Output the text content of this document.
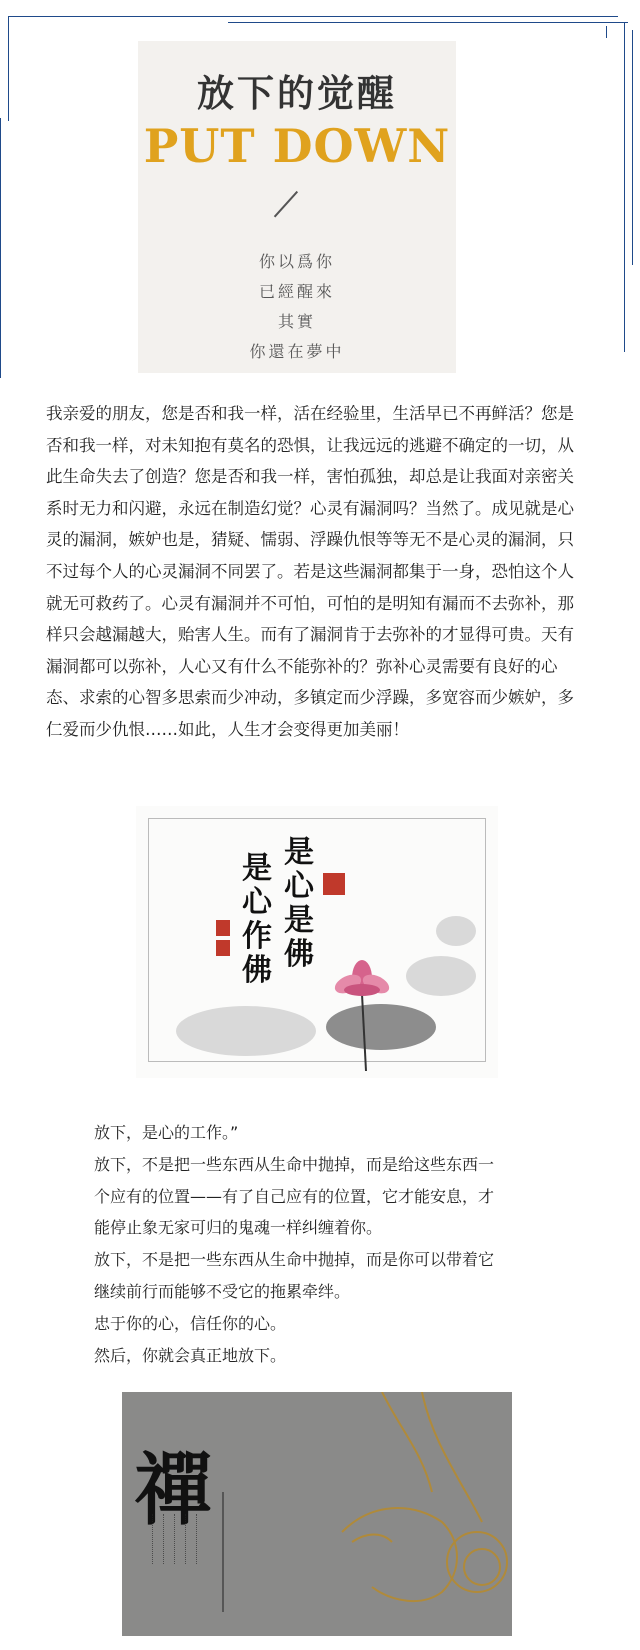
放下的觉醒
PUT DOWN
你以爲你
已經醒來
其實
你還在夢中
我亲爱的朋友，您是否和我一样，活在经验里，生活早已不再鲜活？您是否和我一样，对未知抱有莫名的恐惧，让我远远的逃避不确定的一切，从此生命失去了创造？您是否和我一样，害怕孤独，却总是让我面对亲密关系时无力和闪避，永远在制造幻觉？心灵有漏洞吗？当然了。成见就是心灵的漏洞，嫉妒也是，猜疑、懦弱、浮躁仇恨等等无不是心灵的漏洞，只不过每个人的心灵漏洞不同罢了。若是这些漏洞都集于一身，恐怕这个人就无可救药了。心灵有漏洞并不可怕，可怕的是明知有漏而不去弥补，那样只会越漏越大，贻害人生。而有了漏洞肯于去弥补的才显得可贵。天有漏洞都可以弥补，人心又有什么不能弥补的？弥补心灵需要有良好的心态、求索的心智多思索而少冲动，多镇定而少浮躁，多宽容而少嫉妒，多仁爱而少仇恨……如此，人生才会变得更加美丽！
是心作佛
是心是佛
放下，是心的工作。”
放下，不是把一些东西从生命中抛掉，而是给这些东西一
个应有的位置——有了自己应有的位置，它才能安息，才
能停止象无家可归的鬼魂一样纠缠着你。
放下，不是把一些东西从生命中抛掉，而是你可以带着它
继续前行而能够不受它的拖累牵绊。
忠于你的心，信任你的心。
然后，你就会真正地放下。
禪
